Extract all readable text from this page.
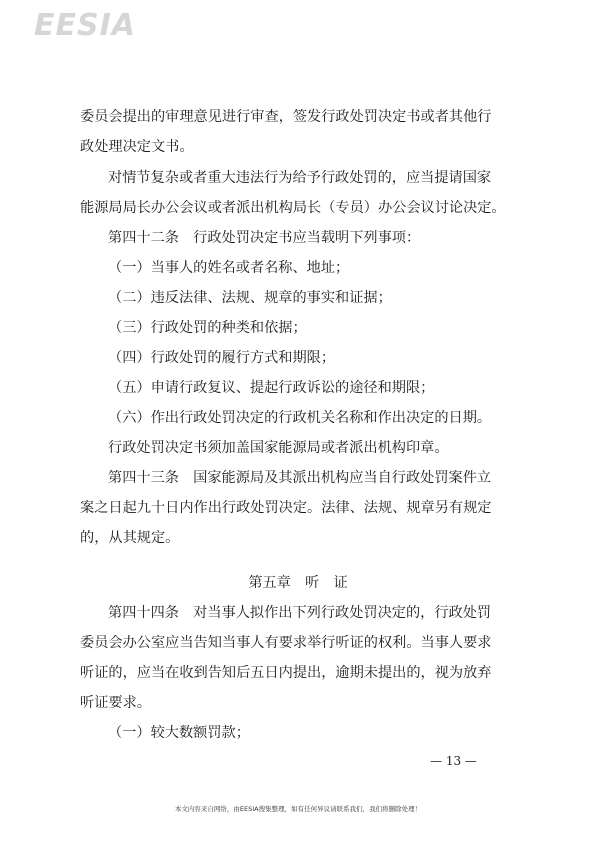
EESIA
委员会提出的审理意见进行审查，签发行政处罚决定书或者其他行
政处理决定文书。
对情节复杂或者重大违法行为给予行政处罚的，应当提请国家
能源局局长办公会议或者派出机构局长（专员）办公会议讨论决定。
第四十二条　行政处罚决定书应当载明下列事项：
（一）当事人的姓名或者名称、地址；
（二）违反法律、法规、规章的事实和证据；
（三）行政处罚的种类和依据；
（四）行政处罚的履行方式和期限；
（五）申请行政复议、提起行政诉讼的途径和期限；
（六）作出行政处罚决定的行政机关名称和作出决定的日期。
行政处罚决定书须加盖国家能源局或者派出机构印章。
第四十三条　国家能源局及其派出机构应当自行政处罚案件立
案之日起九十日内作出行政处罚决定。法律、法规、规章另有规定
的，从其规定。
第五章　听　证
第四十四条　对当事人拟作出下列行政处罚决定的，行政处罚
委员会办公室应当告知当事人有要求举行听证的权利。当事人要求
听证的，应当在收到告知后五日内提出，逾期未提出的，视为放弃
听证要求。
（一）较大数额罚款；
— 13 —
本文内容来自网络，由EESIA搜集整理，如有任何异议请联系我们，我们将删除处理！
